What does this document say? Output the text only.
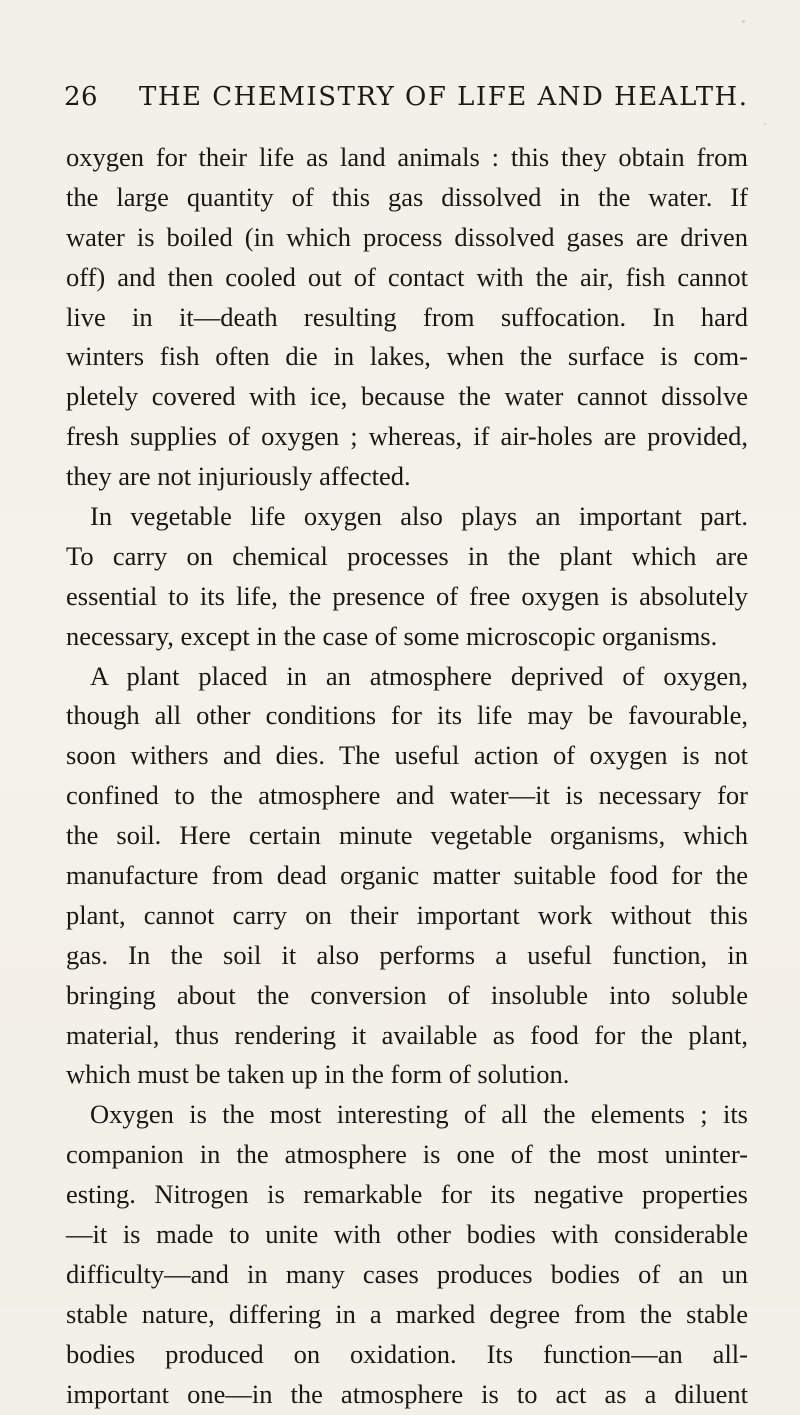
26 THE CHEMISTRY OF LIFE AND HEALTH.
oxygen for their life as land animals : this they obtain from
the large quantity of this gas dissolved in the water. If
water is boiled (in which process dissolved gases are driven
off) and then cooled out of contact with the air, fish cannot
live in it—death resulting from suffocation. In hard
winters fish often die in lakes, when the surface is com-
pletely covered with ice, because the water cannot dissolve
fresh supplies of oxygen ; whereas, if air-holes are provided,
they are not injuriously affected.
In vegetable life oxygen also plays an important part.
To carry on chemical processes in the plant which are
essential to its life, the presence of free oxygen is absolutely
necessary, except in the case of some microscopic organisms.
A plant placed in an atmosphere deprived of oxygen,
though all other conditions for its life may be favourable,
soon withers and dies. The useful action of oxygen is not
confined to the atmosphere and water—it is necessary for
the soil. Here certain minute vegetable organisms, which
manufacture from dead organic matter suitable food for the
plant, cannot carry on their important work without this
gas. In the soil it also performs a useful function, in
bringing about the conversion of insoluble into soluble
material, thus rendering it available as food for the plant,
which must be taken up in the form of solution.
Oxygen is the most interesting of all the elements ; its
companion in the atmosphere is one of the most uninter-
esting. Nitrogen is remarkable for its negative properties
—it is made to unite with other bodies with considerable
difficulty—and in many cases produces bodies of an un
stable nature, differing in a marked degree from the stable
bodies produced on oxidation. Its function—an all-
important one—in the atmosphere is to act as a diluent
